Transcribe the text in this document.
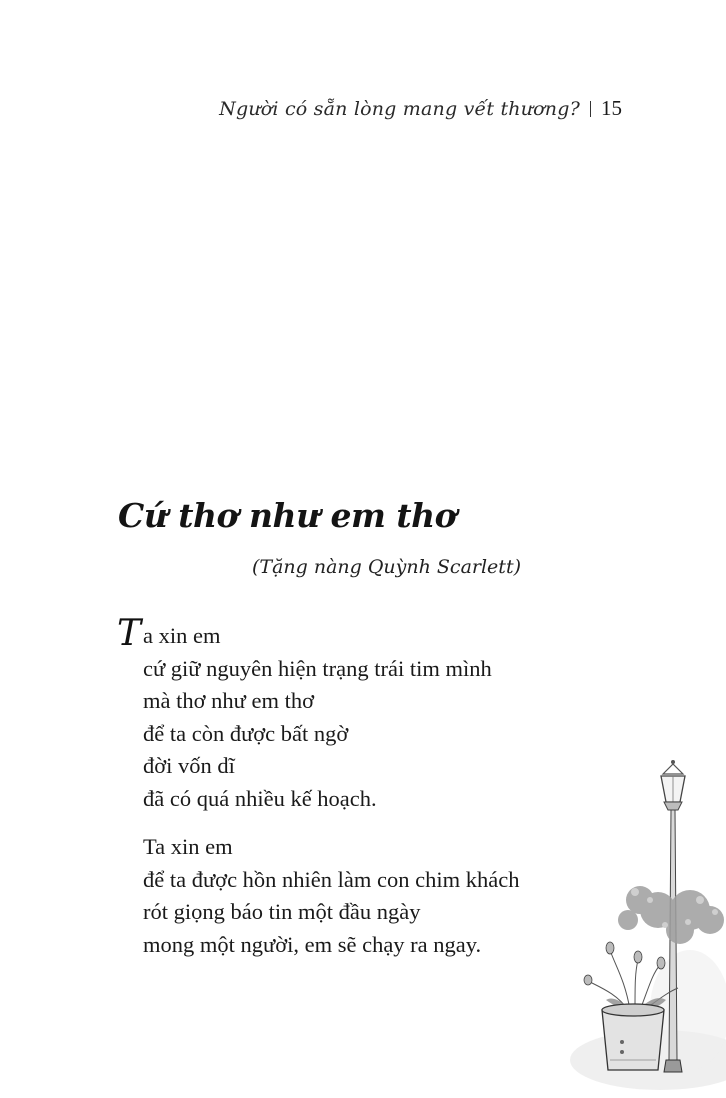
Người có sẵn lòng mang vết thương? 15
Cứ thơ như em thơ
(Tặng nàng Quỳnh Scarlett)
T a xin em
cứ giữ nguyên hiện trạng trái tim mình
mà thơ như em thơ
để ta còn được bất ngờ
đời vốn dĩ
đã có quá nhiều kế hoạch.
Ta xin em
để ta được hồn nhiên làm con chim khách
rót giọng báo tin một đầu ngày
mong một người, em sẽ chạy ra ngay.
